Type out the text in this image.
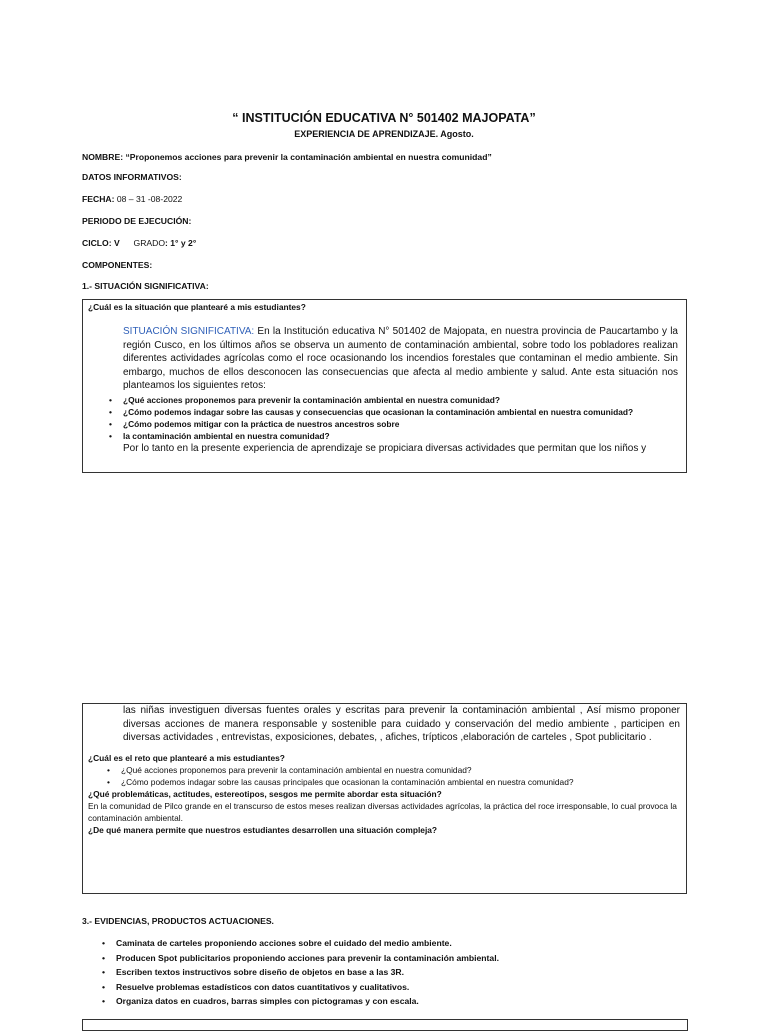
“ INSTITUCIÓN EDUCATIVA N° 501402 MAJOPATA”
EXPERIENCIA DE APRENDIZAJE. Agosto.
NOMBRE: “Proponemos acciones para prevenir la contaminación ambiental en nuestra comunidad”
DATOS INFORMATIVOS:
FECHA: 08 – 31 -08-2022
PERIODO DE EJECUCIÓN:
CICLO: V GRADO: 1° y 2°
COMPONENTES:
1.- SITUACIÓN SIGNIFICATIVA:
¿Cuál es la situación que plantearé a mis estudiantes?
SITUACIÓN SIGNIFICATIVA: En la Institución educativa N° 501402 de Majopata, en nuestra provincia de Paucartambo y la región Cusco, en los últimos años se observa un aumento de contaminación ambiental, sobre todo los pobladores realizan diferentes actividades agrícolas como el roce ocasionando los incendios forestales que contaminan el medio ambiente. Sin embargo, muchos de ellos desconocen las consecuencias que afecta al medio ambiente y salud. Ante esta situación nos planteamos los siguientes retos:
• ¿Qué acciones proponemos para prevenir la contaminación ambiental en nuestra comunidad?
• ¿Cómo podemos indagar sobre las causas y consecuencias que ocasionan la contaminación ambiental en nuestra comunidad?
• ¿Cómo podemos mitigar con la práctica de nuestros ancestros sobre
• la contaminación ambiental en nuestra comunidad?
Por lo tanto en la presente experiencia de aprendizaje se propiciara diversas actividades que permitan que los niños y
las niñas investiguen diversas fuentes orales y escritas para prevenir la contaminación ambiental , Así mismo proponer diversas acciones de manera responsable y sostenible para cuidado y conservación del medio ambiente , participen en diversas actividades , entrevistas, exposiciones, debates, , afiches, trípticos ,elaboración de carteles , Spot publicitario .
¿Cuál es el reto que plantearé a mis estudiantes?
• ¿Qué acciones proponemos para prevenir la contaminación ambiental en nuestra comunidad?
• ¿Cómo podemos indagar sobre las causas principales que ocasionan la contaminación ambiental en nuestra comunidad?
¿Qué problemáticas, actitudes, estereotipos, sesgos me permite abordar esta situación?
En la comunidad de Pilco grande en el transcurso de estos meses realizan diversas actividades agrícolas, la práctica del roce irresponsable, lo cual provoca la contaminación ambiental.
¿De qué manera permite que nuestros estudiantes desarrollen una situación compleja?
3.- EVIDENCIAS, PRODUCTOS ACTUACIONES.
• Caminata de carteles proponiendo acciones sobre el cuidado del medio ambiente.
• Producen Spot publicitarios proponiendo acciones para prevenir la contaminación ambiental.
• Escriben textos instructivos sobre diseño de objetos en base a las 3R.
• Resuelve problemas estadísticos con datos cuantitativos y cualitativos.
• Organiza datos en cuadros, barras simples con pictogramas y con escala.
